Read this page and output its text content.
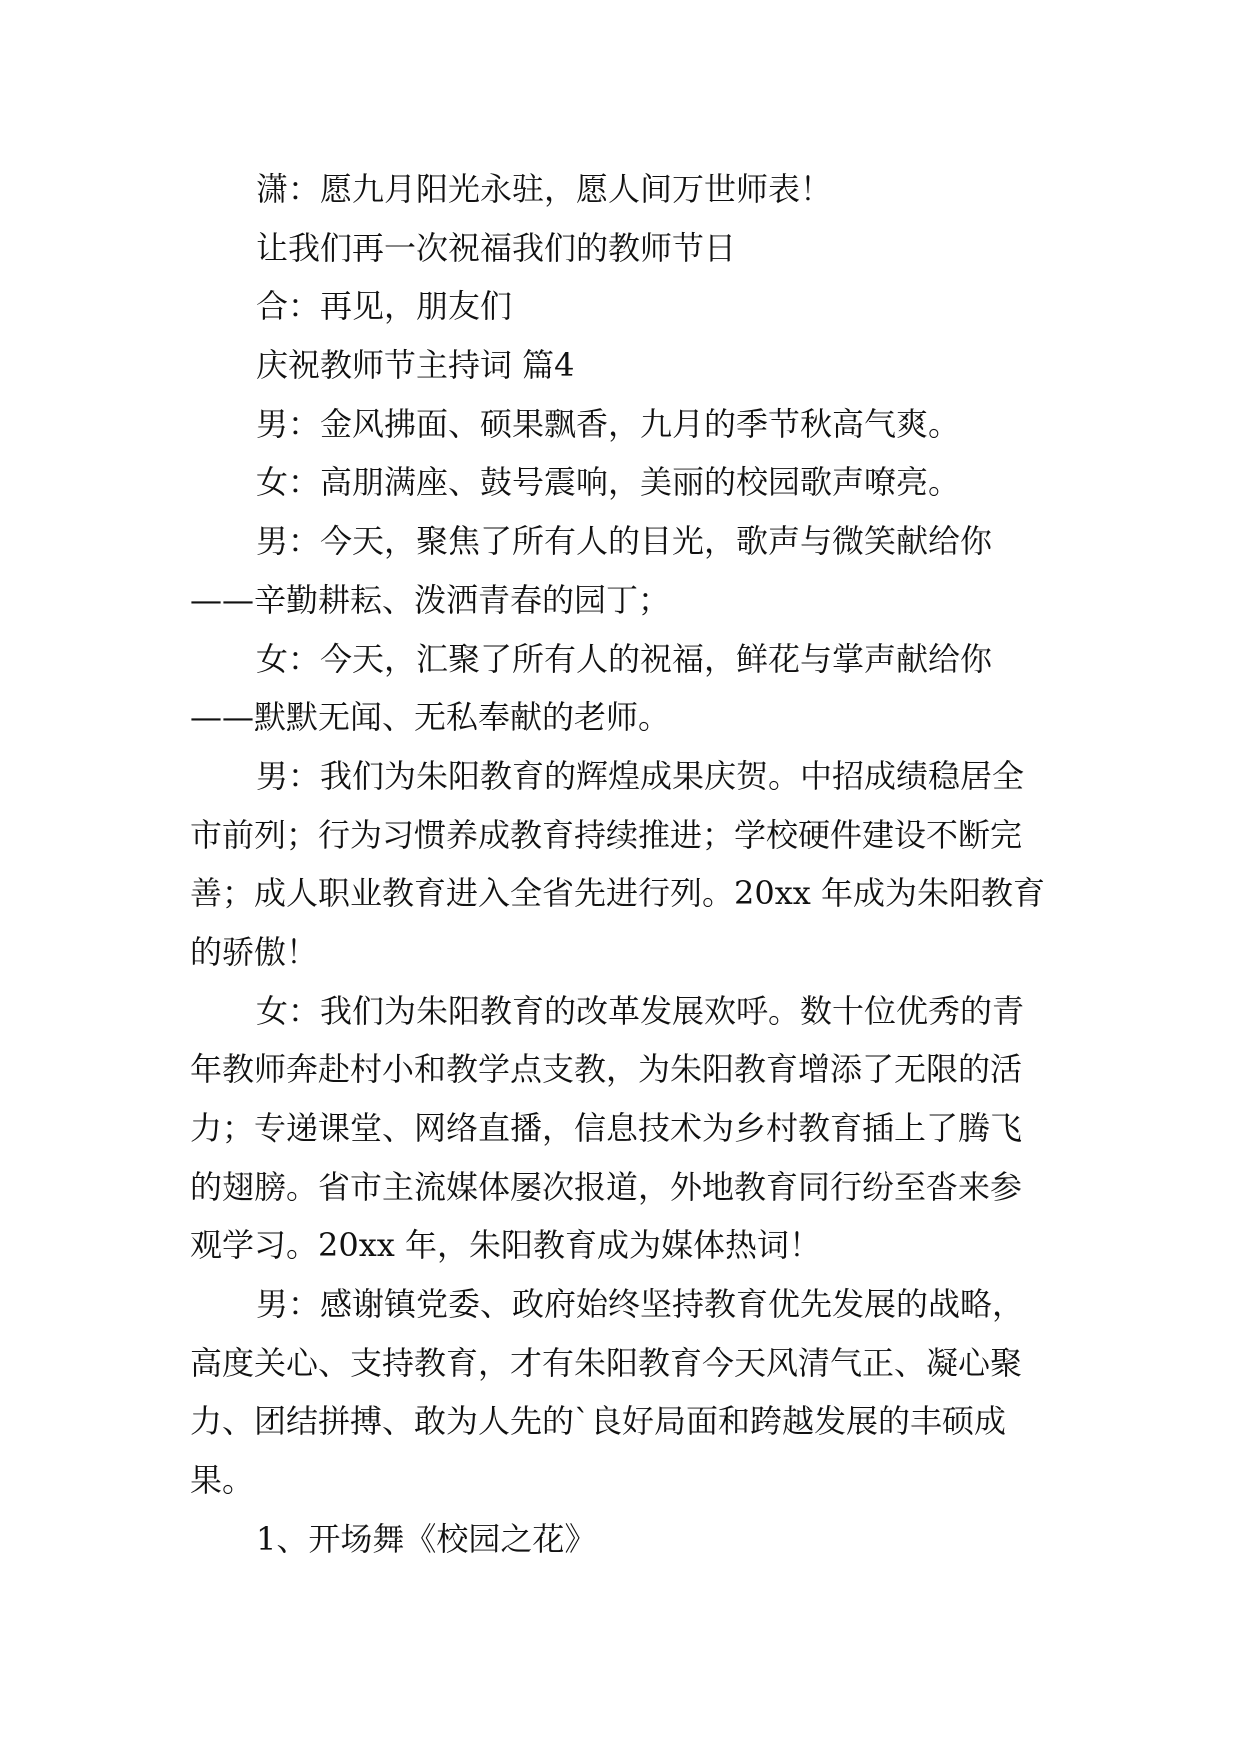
潇：愿九月阳光永驻，愿人间万世师表！
让我们再一次祝福我们的教师节日
合：再见，朋友们
庆祝教师节主持词 篇4
男：金风拂面、硕果飘香，九月的季节秋高气爽。
女：高朋满座、鼓号震响，美丽的校园歌声嘹亮。
男：今天，聚焦了所有人的目光，歌声与微笑献给你
——辛勤耕耘、泼洒青春的园丁；
女：今天，汇聚了所有人的祝福，鲜花与掌声献给你
——默默无闻、无私奉献的老师。
男：我们为朱阳教育的辉煌成果庆贺。中招成绩稳居全
市前列；行为习惯养成教育持续推进；学校硬件建设不断完
善；成人职业教育进入全省先进行列。20xx 年成为朱阳教育
的骄傲！
女：我们为朱阳教育的改革发展欢呼。数十位优秀的青
年教师奔赴村小和教学点支教，为朱阳教育增添了无限的活
力；专递课堂、网络直播，信息技术为乡村教育插上了腾飞
的翅膀。省市主流媒体屡次报道，外地教育同行纷至沓来参
观学习。20xx 年，朱阳教育成为媒体热词！
男：感谢镇党委、政府始终坚持教育优先发展的战略，
高度关心、支持教育，才有朱阳教育今天风清气正、凝心聚
力、团结拼搏、敢为人先的`良好局面和跨越发展的丰硕成
果。
1、开场舞《校园之花》
